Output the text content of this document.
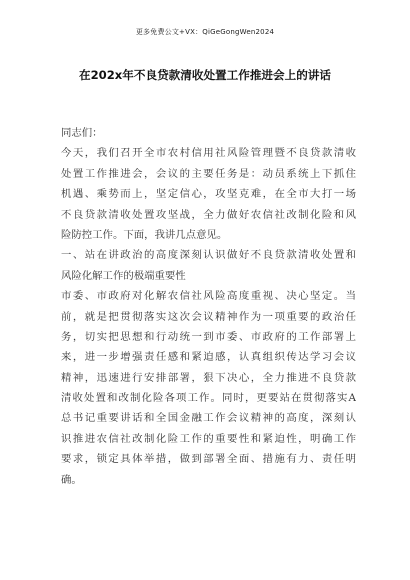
更多免费公文+VX：QiGeGongWen2024
在202x年不良贷款清收处置工作推进会上的讲话
同志们：
今天，我们召开全市农村信用社风险管理暨不良贷款清收
处置工作推进会，会议的主要任务是：动员系统上下抓住
机遇、乘势而上，坚定信心，攻坚克难，在全市大打一场
不良贷款清收处置攻坚战，全力做好农信社改制化险和风
险防控工作。下面，我讲几点意见。
一、站在讲政治的高度深刻认识做好不良贷款清收处置和
风险化解工作的极端重要性
市委、市政府对化解农信社风险高度重视、决心坚定。当
前，就是把贯彻落实这次会议精神作为一项重要的政治任
务，切实把思想和行动统一到市委、市政府的工作部署上
来，进一步增强责任感和紧迫感，认真组织传达学习会议
精神，迅速进行安排部署，狠下决心，全力推进不良贷款
清收处置和改制化险各项工作。同时，更要站在贯彻落实A
总书记重要讲话和全国金融工作会议精神的高度，深刻认
识推进农信社改制化险工作的重要性和紧迫性，明确工作
要求，锁定具体举措，做到部署全面、措施有力、责任明
确。
